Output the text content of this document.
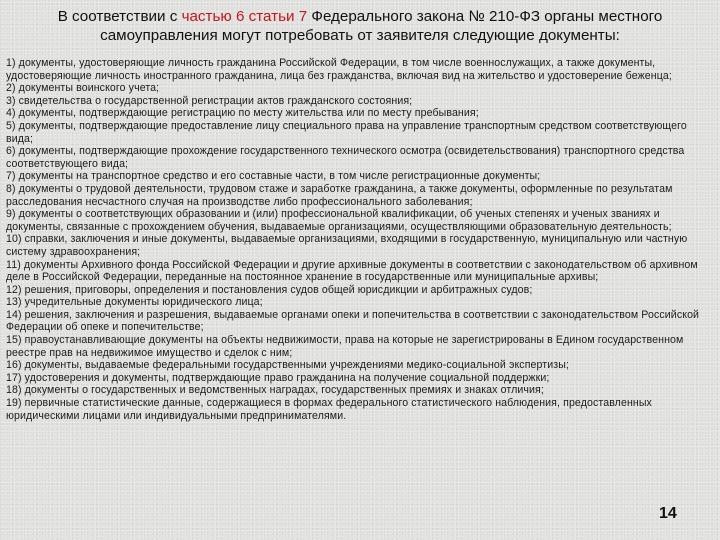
В соответствии с частью 6 статьи 7 Федерального закона № 210-ФЗ органы местного самоуправления могут потребовать от заявителя следующие документы:
1) документы, удостоверяющие личность гражданина Российской Федерации, в том числе военнослужащих, а также документы, удостоверяющие личность иностранного гражданина, лица без гражданства, включая вид на жительство и удостоверение беженца;
2) документы воинского учета;
3) свидетельства о государственной регистрации актов гражданского состояния;
4) документы, подтверждающие регистрацию по месту жительства или по месту пребывания;
5) документы, подтверждающие предоставление лицу специального права на управление транспортным средством соответствующего вида;
6) документы, подтверждающие прохождение государственного технического осмотра (освидетельствования) транспортного средства соответствующего вида;
7) документы на транспортное средство и его составные части, в том числе регистрационные документы;
8) документы о трудовой деятельности, трудовом стаже и заработке гражданина, а также документы, оформленные по результатам расследования несчастного случая на производстве либо профессионального заболевания;
9) документы о соответствующих образовании и (или) профессиональной квалификации, об ученых степенях и ученых званиях и документы, связанные с прохождением обучения, выдаваемые организациями, осуществляющими образовательную деятельность;
10) справки, заключения и иные документы, выдаваемые организациями, входящими в государственную, муниципальную или частную систему здравоохранения;
11) документы Архивного фонда Российской Федерации и другие архивные документы в соответствии с законодательством об архивном деле в Российской Федерации, переданные на постоянное хранение в государственные или муниципальные архивы;
12) решения, приговоры, определения и постановления судов общей юрисдикции и арбитражных судов;
13) учредительные документы юридического лица;
14) решения, заключения и разрешения, выдаваемые органами опеки и попечительства в соответствии с законодательством Российской Федерации об опеке и попечительстве;
15) правоустанавливающие документы на объекты недвижимости, права на которые не зарегистрированы в Едином государственном реестре прав на недвижимое имущество и сделок с ним;
16) документы, выдаваемые федеральными государственными учреждениями медико-социальной экспертизы;
17) удостоверения и документы, подтверждающие право гражданина на получение социальной поддержки;
18) документы о государственных и ведомственных наградах, государственных премиях и знаках отличия;
19) первичные статистические данные, содержащиеся в формах федерального статистического наблюдения, предоставленных юридическими лицами или индивидуальными предпринимателями.
14
